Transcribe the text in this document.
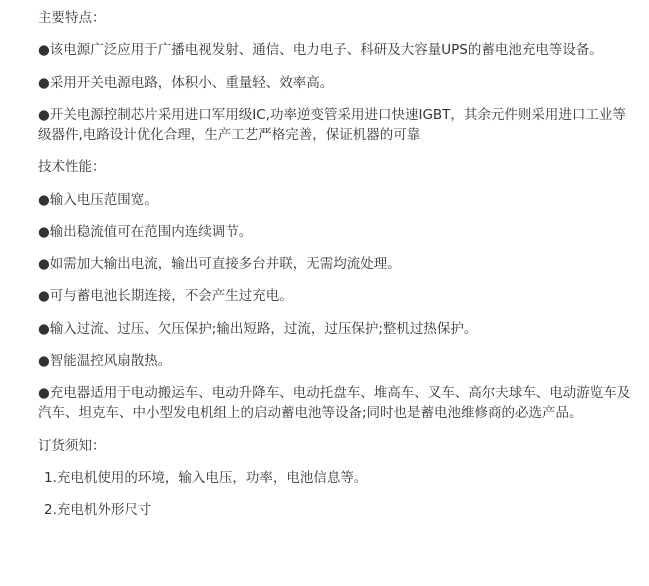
主要特点：
●该电源广泛应用于广播电视发射、通信、电力电子、科研及大容量UPS的蓄电池充电等设备。
●采用开关电源电路，体积小、重量轻、效率高。
●开关电源控制芯片采用进口军用级IC,功率逆变管采用进口快速IGBT，其余元件则采用进口工业等级器件,电路设计优化合理，生产工艺严格完善，保证机器的可靠
技术性能：
●输入电压范围宽。
●输出稳流值可在范围内连续调节。
●如需加大输出电流，输出可直接多台并联，无需均流处理。
●可与蓄电池长期连接，不会产生过充电。
●输入过流、过压、欠压保护;输出短路，过流，过压保护;整机过热保护。
●智能温控风扇散热。
●充电器适用于电动搬运车、电动升降车、电动托盘车、堆高车、叉车、高尔夫球车、电动游览车及汽车、坦克车、中小型发电机组上的启动蓄电池等设备;同时也是蓄电池维修商的必选产品。
订货须知：
1.充电机使用的环境，输入电压，功率，电池信息等。
2.充电机外形尺寸
